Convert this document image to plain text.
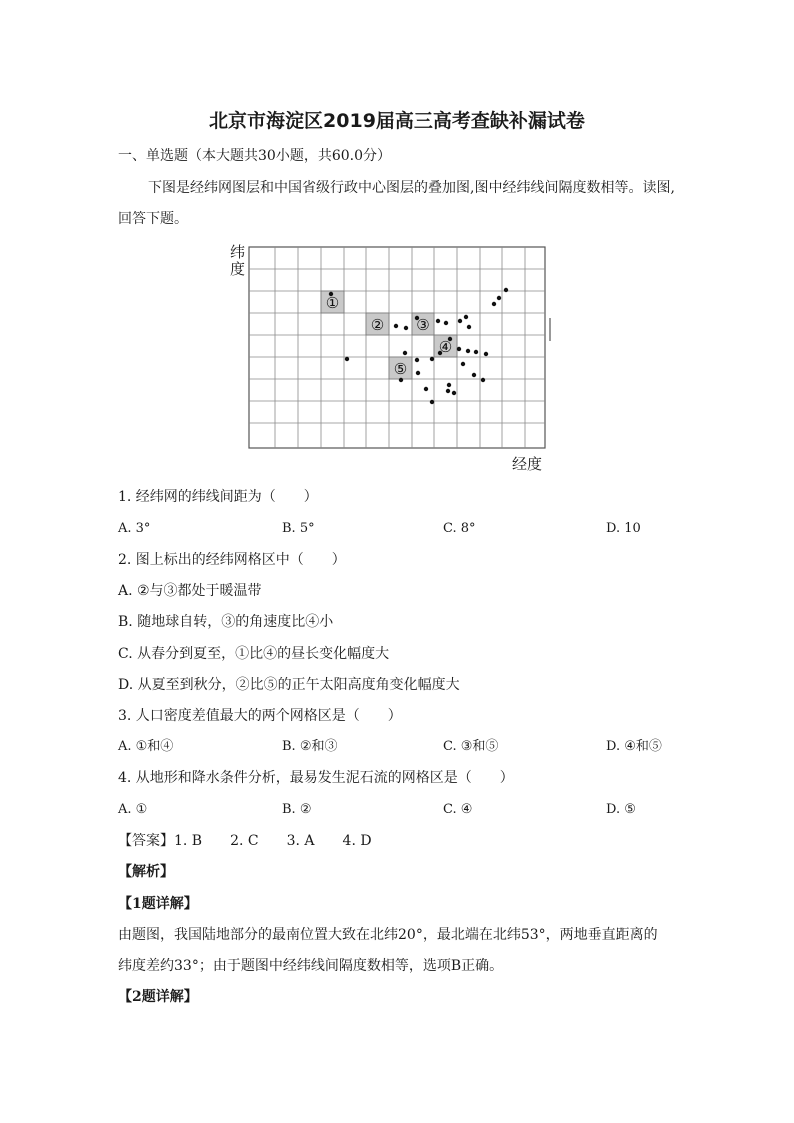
北京市海淀区2019届高三高考查缺补漏试卷
一、单选题（本大题共30小题，共60.0分）
下图是经纬网图层和中国省级行政中心图层的叠加图,图中经纬线间隔度数相等。读图,
回答下题。
①
② ③
④
⑤
纬度
经度
1. 经纬网的纬线间距为（　　）
A. 3°	B. 5°	C. 8°	D. 10
2. 图上标出的经纬网格区中（　　）
A. ②与③都处于暖温带
B. 随地球自转，③的角速度比④小
C. 从春分到夏至，①比④的昼长变化幅度大
D. 从夏至到秋分，②比⑤的正午太阳高度角变化幅度大
3. 人口密度差值最大的两个网格区是（　　）
A. ①和④	B. ②和③	C. ③和⑤	D. ④和⑤
4. 从地形和降水条件分析，最易发生泥石流的网格区是（　　）
A. ①	B. ②	C. ④	D. ⑤
【答案】1. B　　2. C　　3. A　　4. D
【解析】
【1题详解】
由题图，我国陆地部分的最南位置大致在北纬20°，最北端在北纬53°，两地垂直距离的
纬度差约33°；由于题图中经纬线间隔度数相等，选项B正确。
【2题详解】
